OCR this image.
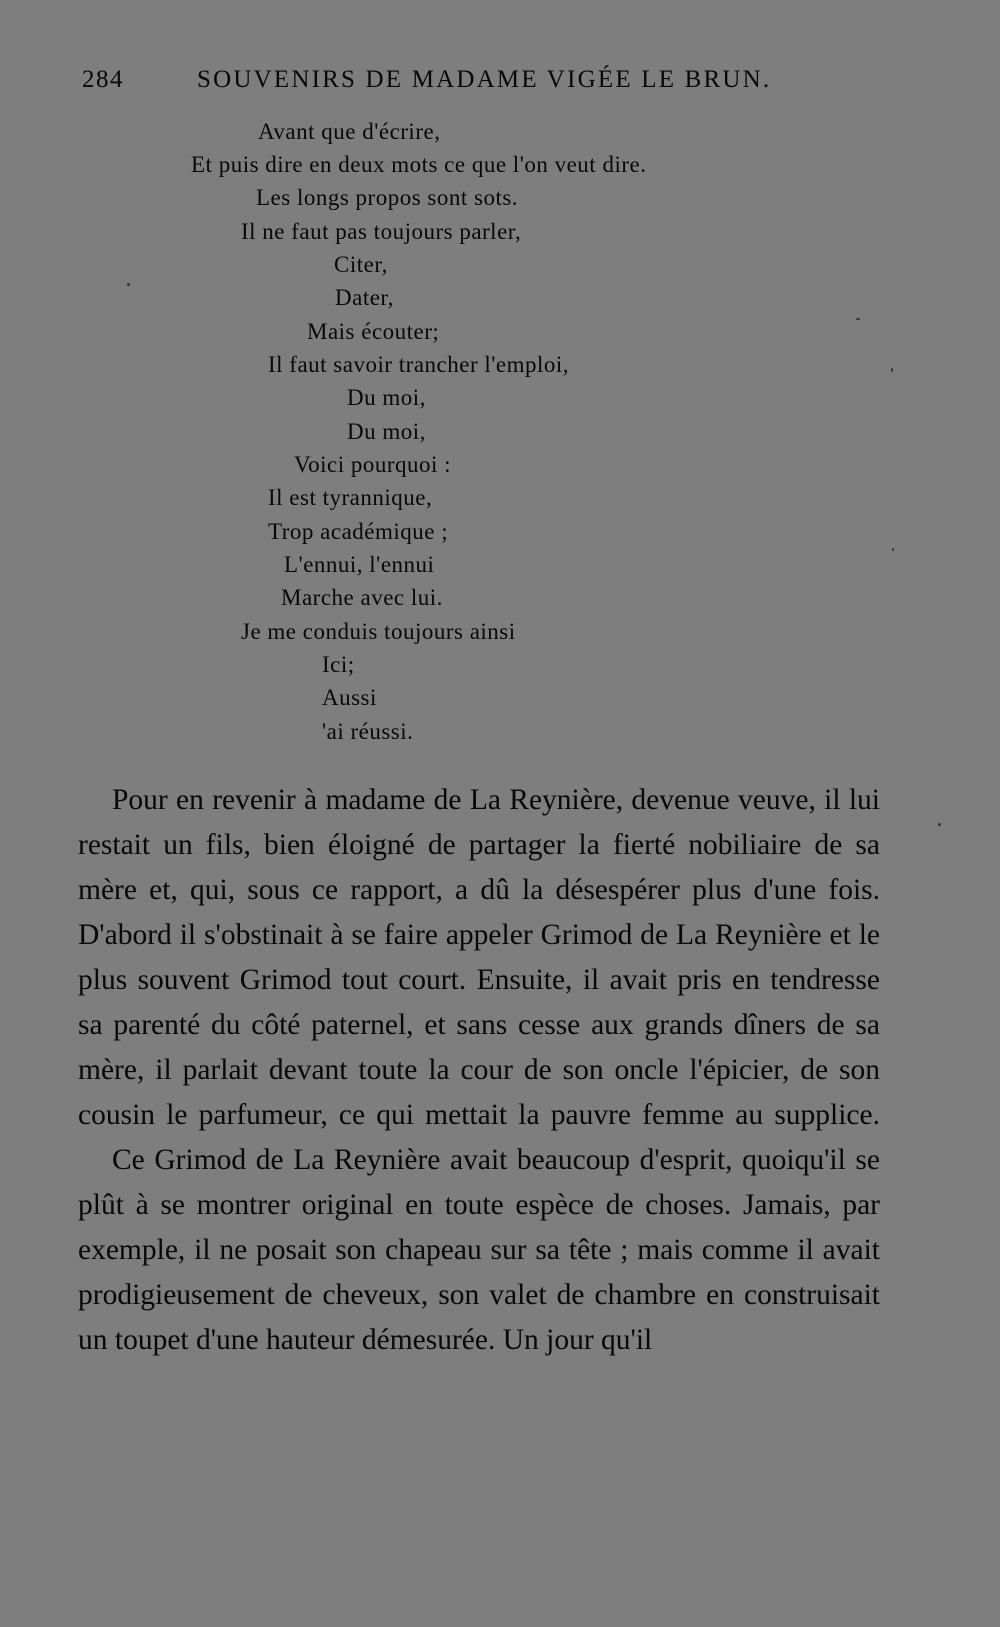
284	SOUVENIRS DE MADAME VIGÉE LE BRUN.
Avant que d'écrire,
Et puis dire en deux mots ce que l'on veut dire.
Les longs propos sont sots.
Il ne faut pas toujours parler,
Citer,
Dater,
Mais écouter;
Il faut savoir trancher l'emploi,
Du moi,
Du moi,
Voici pourquoi :
Il est tyrannique,
Trop académique ;
L'ennui, l'ennui
Marche avec lui.
Je me conduis toujours ainsi
Ici;
Aussi
'ai réussi.

Pour en revenir à madame de La Reynière, devenue veuve, il lui restait un fils, bien éloigné de partager la fierté nobiliaire de sa mère et, qui, sous ce rapport, a dû la désespérer plus d'une fois. D'abord il s'obstinait à se faire appeler Grimod de La Reynière et le plus souvent Grimod tout court. Ensuite, il avait pris en tendresse sa parenté du côté paternel, et sans cesse aux grands dîners de sa mère, il parlait devant toute la cour de son oncle l'épicier, de son cousin le parfumeur, ce qui mettait la pauvre femme au supplice.

Ce Grimod de La Reynière avait beaucoup d'esprit, quoiqu'il se plût à se montrer original en toute espèce de choses. Jamais, par exemple, il ne posait son chapeau sur sa tête ; mais comme il avait prodigieusement de cheveux, son valet de chambre en construisait un toupet d'une hauteur démesurée. Un jour qu'il
